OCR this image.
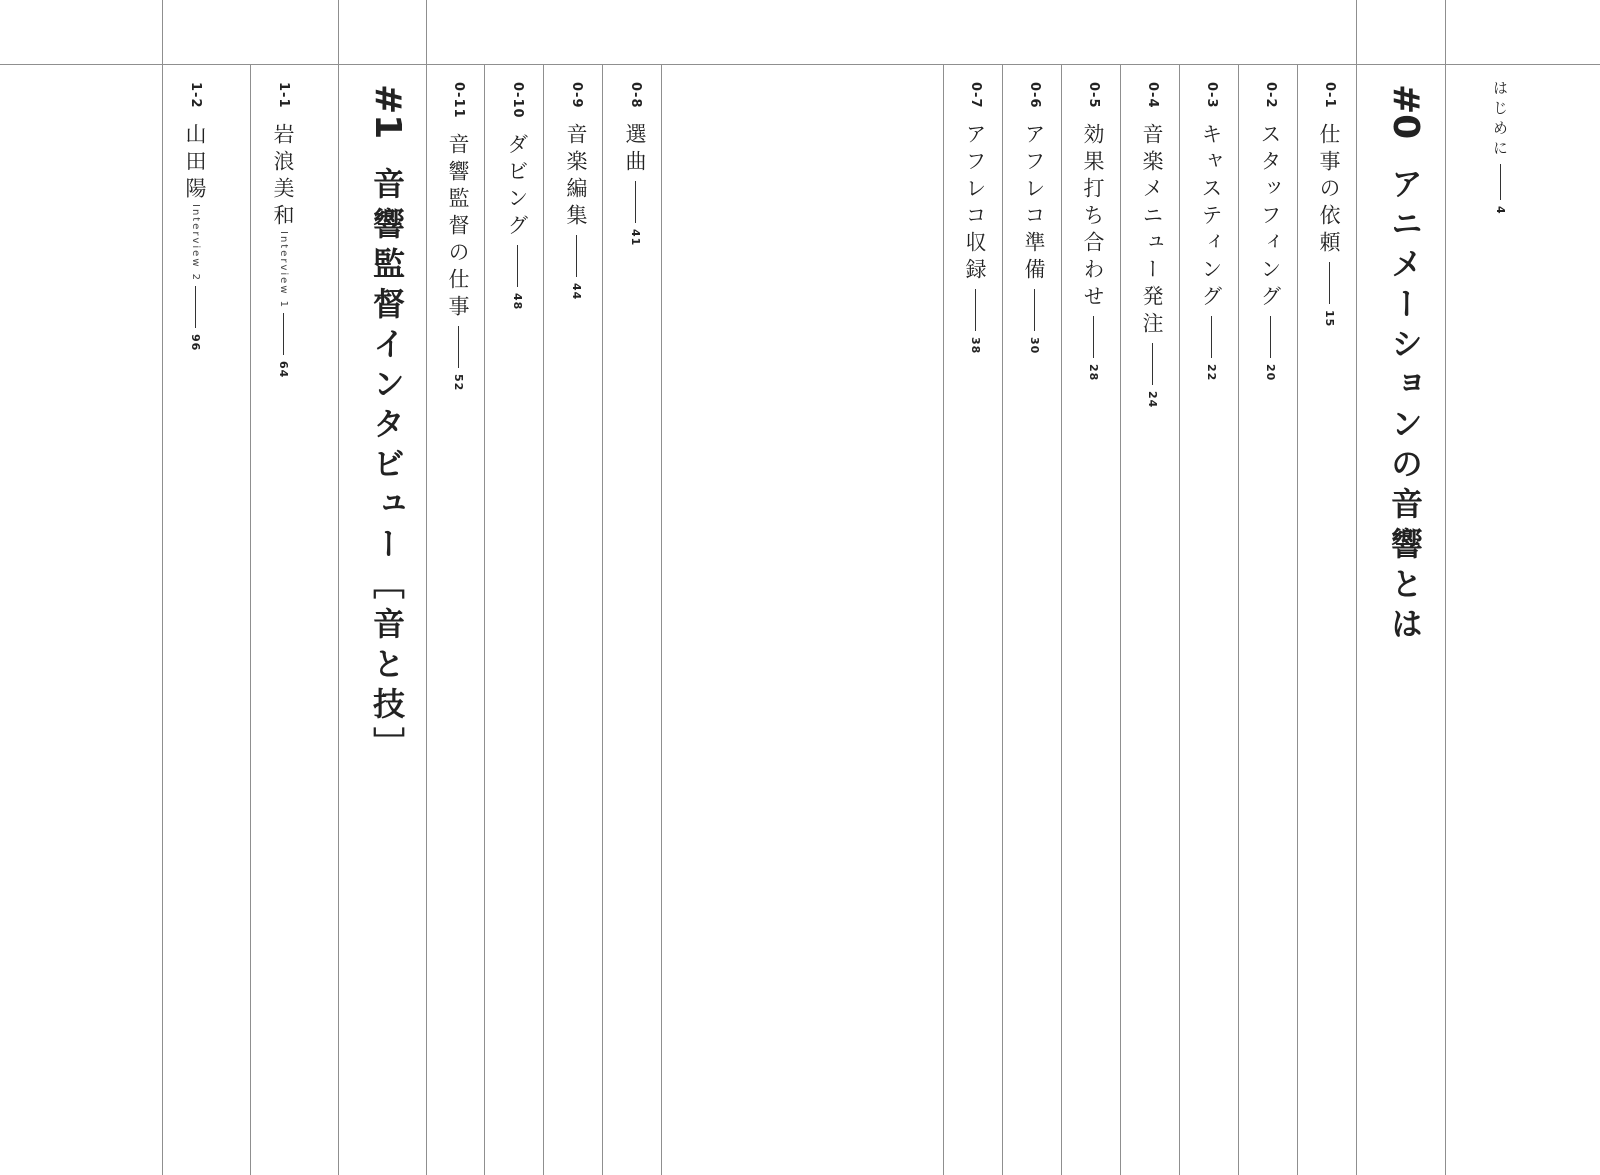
はじめに4
#0アニメーションの音響とは
0-1仕事の依頼15
0-2スタッフィング20
0-3キャスティング22
0-4音楽メニュー発注24
0-5効果打ち合わせ28
0-6アフレコ準備30
0-7アフレコ収録38
0-8選曲41
0-9音楽編集44
0-10ダビング48
0-11音響監督の仕事52
#1音響監督インタビュー［音と技］
1-1岩浪美和Interview 164
1-2山田陽Interview 296
